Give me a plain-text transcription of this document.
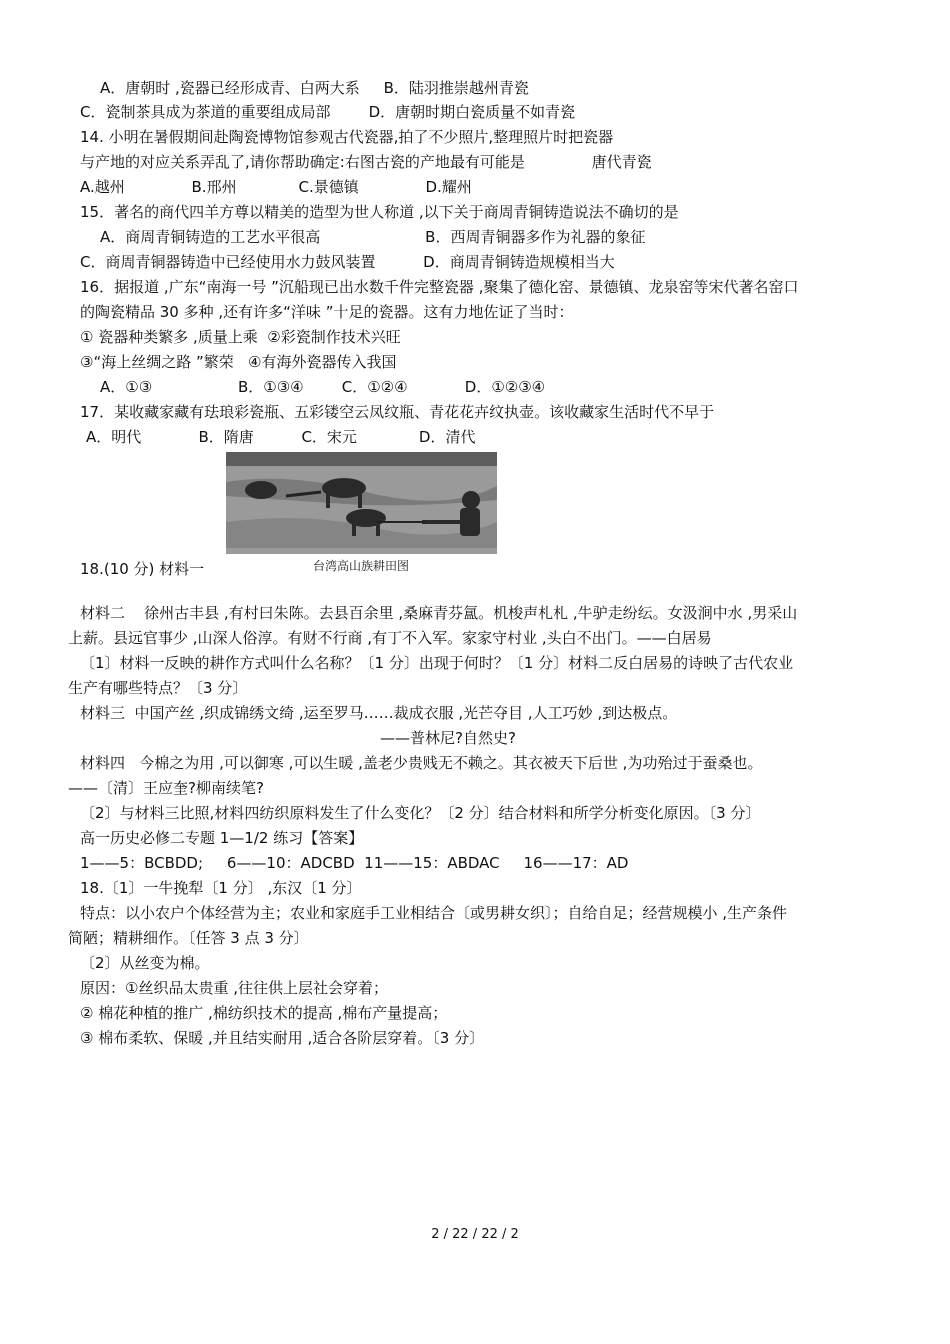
A．唐朝时 ,瓷器已经形成青、白两大系     B．陆羽推崇越州青瓷
C．瓷制茶具成为茶道的重要组成局部        D．唐朝时期白瓷质量不如青瓷
14. 小明在暑假期间赴陶瓷博物馆参观古代瓷器,拍了不少照片,整理照片时把瓷器
与产地的对应关系弄乱了,请你帮助确定:右图古瓷的产地最有可能是              唐代青瓷
A.越州              B.邢州             C.景德镇              D.耀州
15．著名的商代四羊方尊以精美的造型为世人称道 ,以下关于商周青铜铸造说法不确切的是
A．商周青铜铸造的工艺水平很高                      B．西周青铜器多作为礼器的象征
C．商周青铜器铸造中已经使用水力鼓风装置          D．商周青铜铸造规模相当大
16．据报道 ,广东“南海一号 ”沉船现已出水数千件完整瓷器 ,聚集了德化窑、景德镇、龙泉窑等宋代著名窑口
的陶瓷精品 30 多种 ,还有许多“洋味 ”十足的瓷器。这有力地佐证了当时：
① 瓷器种类繁多 ,质量上乘  ②彩瓷制作技术兴旺
③“海上丝绸之路 ”繁荣   ④有海外瓷器传入我国
A．①③                  B．①③④        C．①②④            D．①②③④
17．某收藏家藏有珐琅彩瓷瓶、五彩镂空云凤纹瓶、青花花卉纹执壶。该收藏家生活时代不早于
A．明代            B．隋唐          C．宋元             D．清代
台湾高山族耕田图
18.(10 分) 材料一
材料二    徐州古丰县 ,有村曰朱陈。去县百余里 ,桑麻青芬氲。机梭声札札 ,牛驴走纷纭。女汲涧中水 ,男采山
上薪。县远官事少 ,山深人俗淳。有财不行商 ,有丁不入军。家家守村业 ,头白不出门。——白居易
〔1〕材料一反映的耕作方式叫什么名称？〔1 分〕出现于何时？〔1 分〕材料二反白居易的诗映了古代农业
生产有哪些特点？〔3 分〕
材料三  中国产丝 ,织成锦绣文绮 ,运至罗马……裁成衣服 ,光芒夺目 ,人工巧妙 ,到达极点。
——普林尼?自然史?
材料四   今棉之为用 ,可以御寒 ,可以生暖 ,盖老少贵贱无不赖之。其衣被天下后世 ,为功殆过于蚕桑也。
——〔清〕王应奎?柳南续笔?
〔2〕与材料三比照,材料四纺织原料发生了什么变化？〔2 分〕结合材料和所学分析变化原因。〔3 分〕
高一历史必修二专题 1—1/2 练习【答案】
1——5：BCBDD;     6——10：ADCBD  11——15：ABDAC     16——17：AD
18.〔1〕一牛挽犁〔1 分〕 ,东汉〔1 分〕
特点：以小农户个体经营为主；农业和家庭手工业相结合〔或男耕女织〕；自给自足；经营规模小 ,生产条件
简陋；精耕细作。〔任答 3 点 3 分〕
〔2〕从丝变为棉。
原因：①丝织品太贵重 ,往往供上层社会穿着；
② 棉花种植的推广 ,棉纺织技术的提高 ,棉布产量提高；
③ 棉布柔软、保暖 ,并且结实耐用 ,适合各阶层穿着。〔3 分〕
2 / 22 / 22 / 2
